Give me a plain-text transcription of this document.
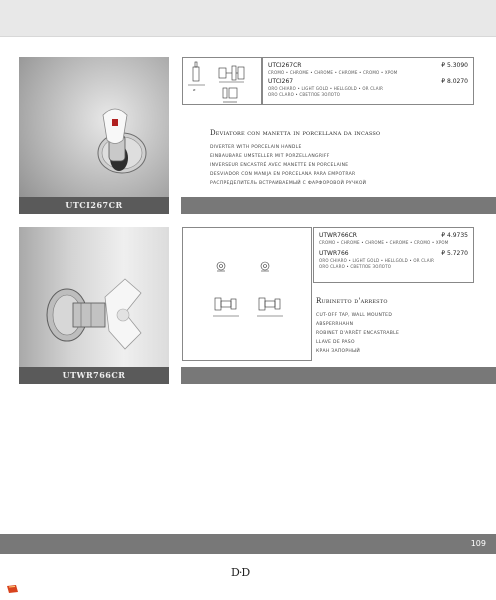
UTCI267CR
Ø
UTCI267CR	₽ 5.3090
CROMO • CHROME • CHROME • CHROME • CROMO • ХРОМ
UTCI267	₽ 8.0270
ORO CHIARO • LIGHT GOLD • HELLGOLD • OR CLAIR
ORO CLARO • СВЕТЛОЕ ЗОЛОТО
Deviatore con manetta in porcellana da incasso
DIVERTER WITH PORCELAIN HANDLE
EINBAUBARE UMSTELLER MIT PORZELLANGRIFF
INVERSEUR ENCASTRÉ AVEC MANETTE EN PORCELAINE
DESVIADOR CON MANIJA EN PORCELANA PARA EMPOTRAR
РАСПРЕДЕЛИТЕЛЬ ВСТРАИВАЕМЫЙ С ФАРФОРОВОЙ РУЧКОЙ
UTWR766CR
UTWR766CR	₽ 4.9735
CROMO • CHROME • CHROME • CHROME • CROMO • ХРОМ
UTWR766	₽ 5.7270
ORO CHIARO • LIGHT GOLD • HELLGOLD • OR CLAIR
ORO CLARO • СВЕТЛОЕ ЗОЛОТО
Rubinetto d'arresto
CUT-OFF TAP, WALL MOUNTED
ABSPERRHAHN
ROBINET D'ARRÊT ENCASTRABLE
LLAVE DE PASO
КРАН ЗАПОРНЫЙ
109
D·D
